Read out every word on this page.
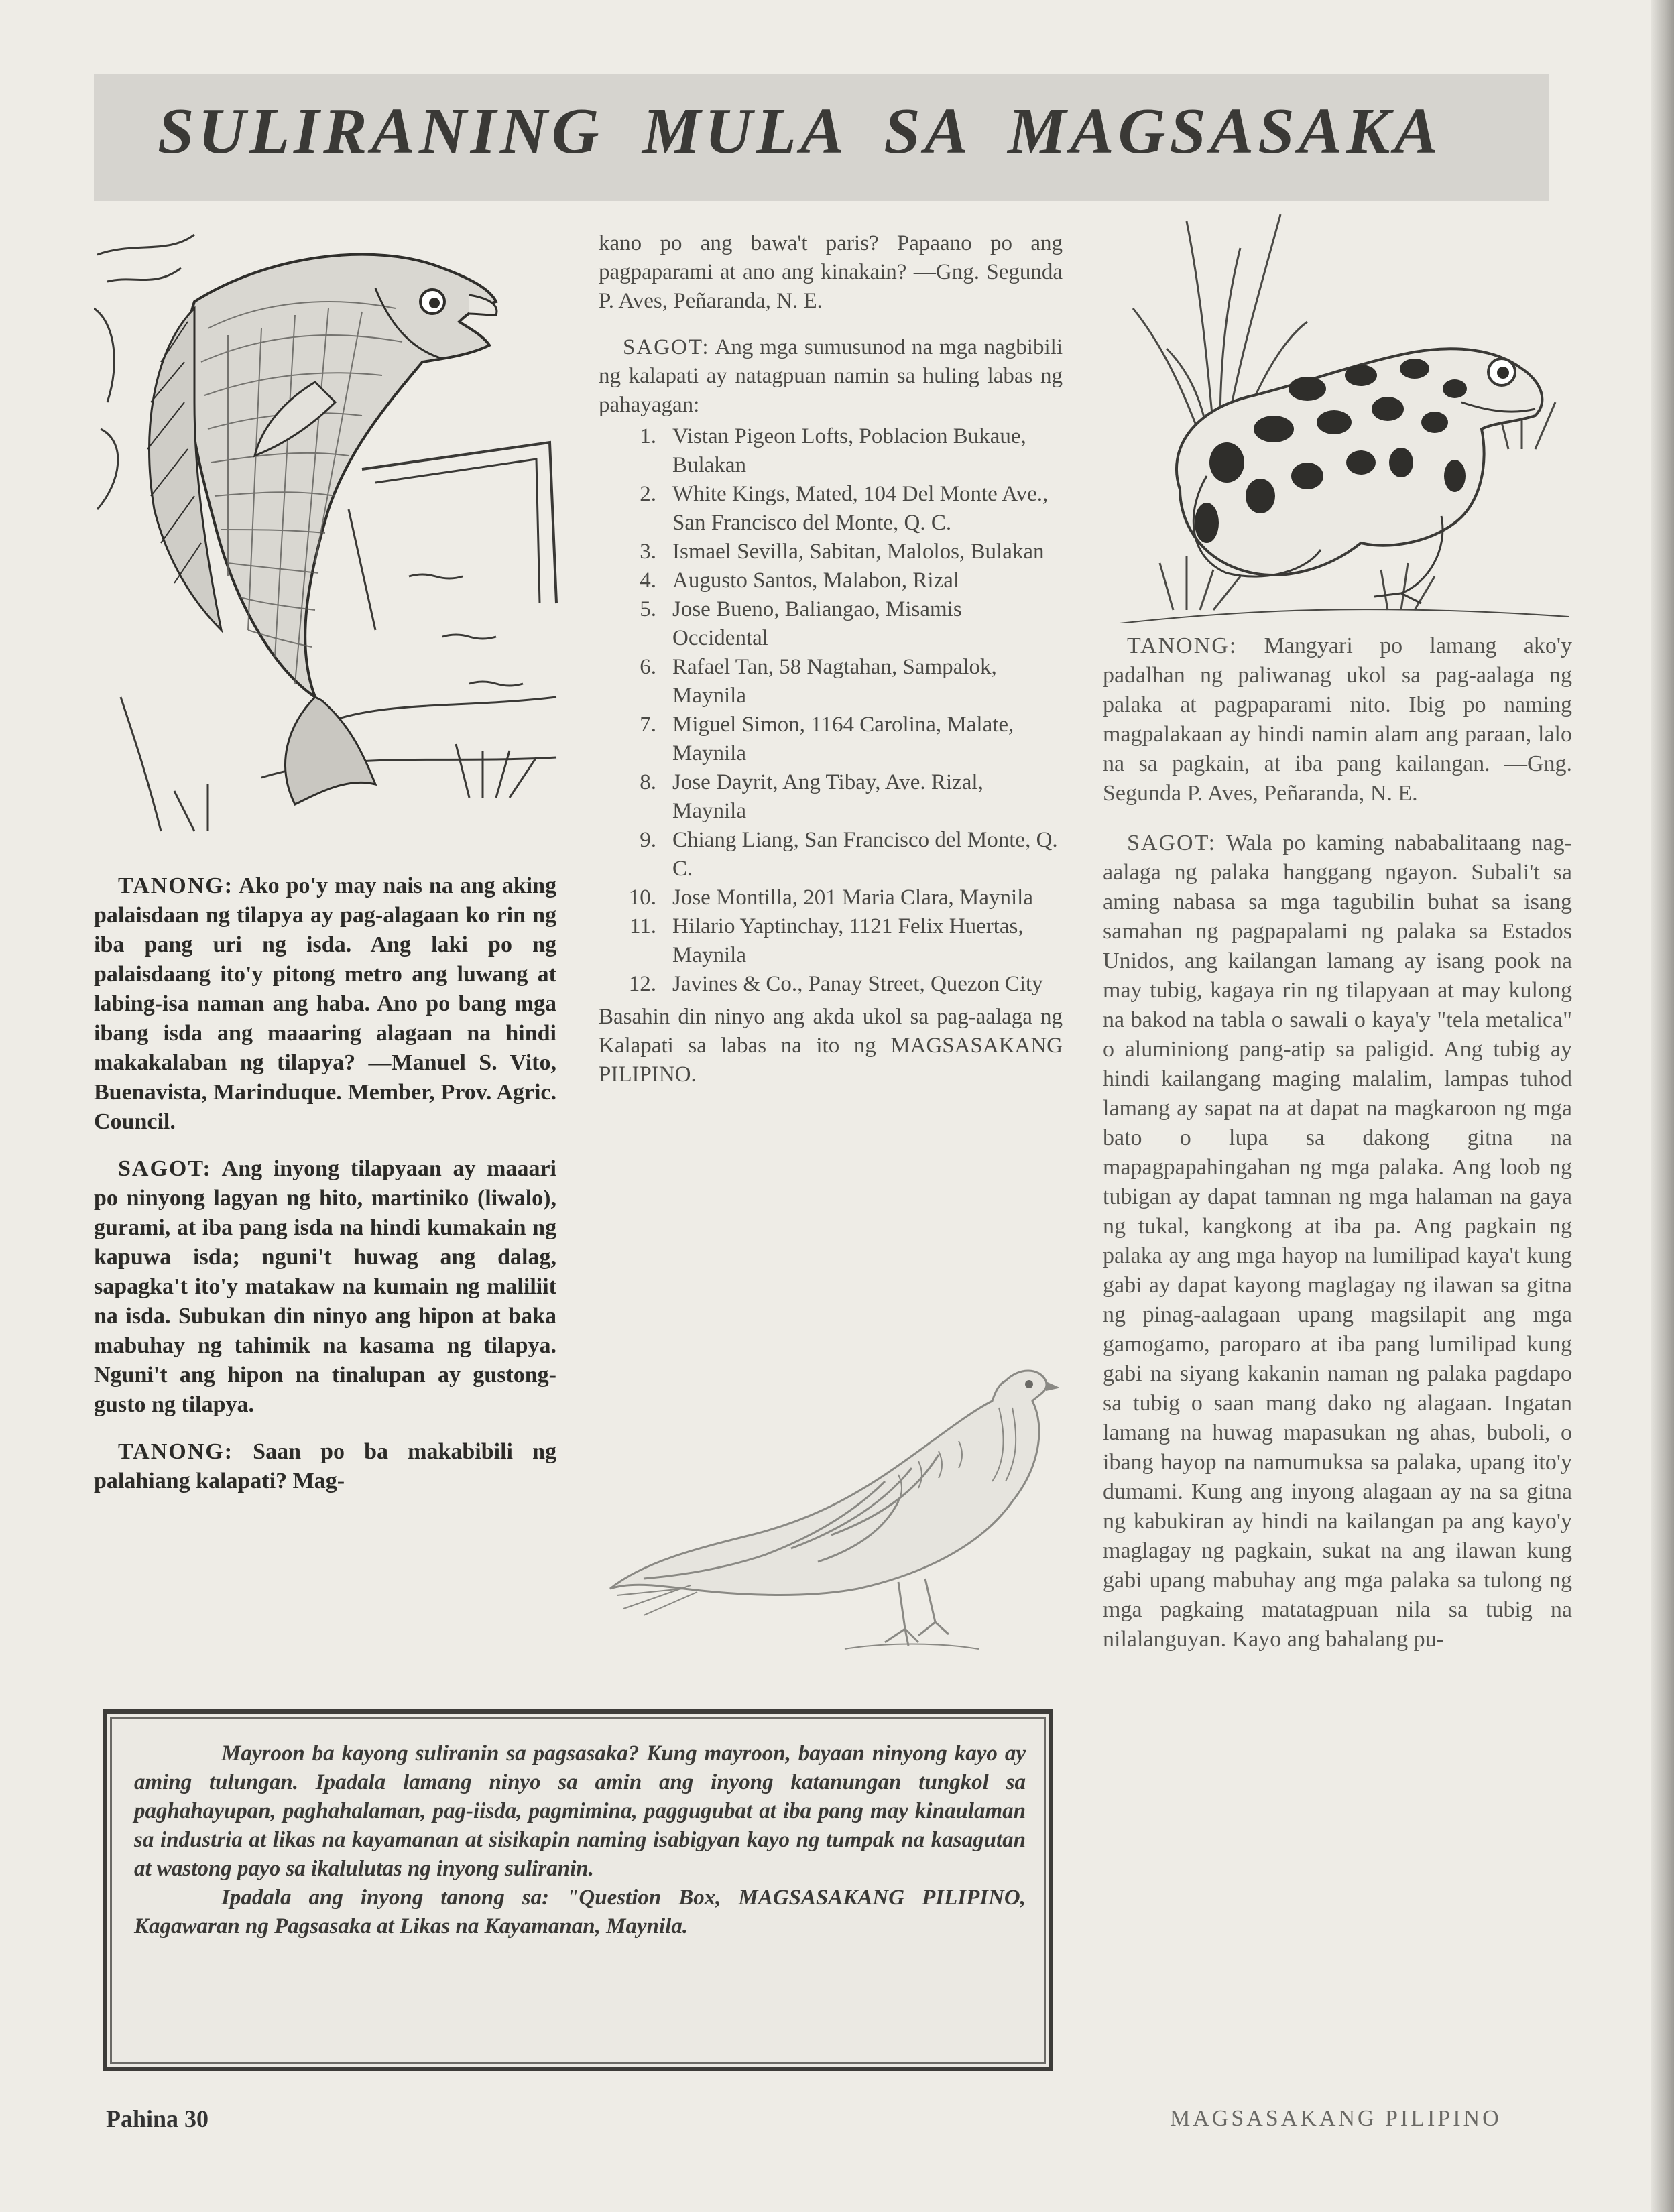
SULIRANING MULA SA MAGSASAKA

TANONG: Ako po'y may nais na ang aking palaisdaan ng tilapya ay pag-alagaan ko rin ng iba pang uri ng isda. Ang laki po ng palaisdaang ito'y pitong metro ang luwang at labing-isa naman ang haba. Ano po bang mga ibang isda ang maaaring alagaan na hindi makakalaban ng tilapya? —Manuel S. Vito, Buenavista, Marinduque. Member, Prov. Agric. Council.

SAGOT: Ang inyong tilapyaan ay maaari po ninyong lagyan ng hito, martiniko (liwalo), gurami, at iba pang isda na hindi kumakain ng kapuwa isda; nguni't huwag ang dalag, sapagka't ito'y matakaw na kumain ng maliliit na isda. Subukan din ninyo ang hipon at baka mabuhay ng tahimik na kasama ng tilapya. Nguni't ang hipon na tinalupan ay gustong-gusto ng tilapya.

TANONG: Saan po ba makabibili ng palahiang kalapati? Mag-

kano po ang bawa't paris? Papaano po ang pagpaparami at ano ang kinakain? —Gng. Segunda P. Aves, Peñaranda, N. E.

SAGOT: Ang mga sumusunod na mga nagbibili ng kalapati ay natagpuan namin sa huling labas ng pahayagan:

1. Vistan Pigeon Lofts, Poblacion Bukaue, Bulakan
2. White Kings, Mated, 104 Del Monte Ave., San Francisco del Monte, Q. C.
3. Ismael Sevilla, Sabitan, Malolos, Bulakan
4. Augusto Santos, Malabon, Rizal
5. Jose Bueno, Baliangao, Misamis Occidental
6. Rafael Tan, 58 Nagtahan, Sampalok, Maynila
7. Miguel Simon, 1164 Carolina, Malate, Maynila
8. Jose Dayrit, Ang Tibay, Ave. Rizal, Maynila
9. Chiang Liang, San Francisco del Monte, Q. C.
10. Jose Montilla, 201 Maria Clara, Maynila
11. Hilario Yaptinchay, 1121 Felix Huertas, Maynila
12. Javines & Co., Panay Street, Quezon City

Basahin din ninyo ang akda ukol sa pag-aalaga ng Kalapati sa labas na ito ng MAGSASAKANG PILIPINO.

TANONG: Mangyari po lamang ako'y padalhan ng paliwanag ukol sa pag-aalaga ng palaka at pagpaparami nito. Ibig po naming magpalakaan ay hindi namin alam ang paraan, lalo na sa pagkain, at iba pang kailangan. —Gng. Segunda P. Aves, Peñaranda, N. E.

SAGOT: Wala po kaming nababalitaang nag-aalaga ng palaka hanggang ngayon. Subali't sa aming nabasa sa mga tagubilin buhat sa isang samahan ng pagpapalami ng palaka sa Estados Unidos, ang kailangan lamang ay isang pook na may tubig, kagaya rin ng tilapyaan at may kulong na bakod na tabla o sawali o kaya'y "tela metalica" o aluminiong pang-atip sa paligid. Ang tubig ay hindi kailangang maging malalim, lampas tuhod lamang ay sapat na at dapat na magkaroon ng mga bato o lupa sa dakong gitna na mapagpapahingahan ng mga palaka. Ang loob ng tubigan ay dapat tamnan ng mga halaman na gaya ng tukal, kangkong at iba pa. Ang pagkain ng palaka ay ang mga hayop na lumilipad kaya't kung gabi ay dapat kayong maglagay ng ilawan sa gitna ng pinag-aalagaan upang magsilapit ang mga gamogamo, paroparo at iba pang lumilipad kung gabi na siyang kakanin naman ng palaka pagdapo sa tubig o saan mang dako ng alagaan. Ingatan lamang na huwag mapasukan ng ahas, buboli, o ibang hayop na namumuksa sa palaka, upang ito'y dumami. Kung ang inyong alagaan ay na sa gitna ng kabukiran ay hindi na kailangan pa ang kayo'y maglagay ng pagkain, sukat na ang ilawan kung gabi upang mabuhay ang mga palaka sa tulong ng mga pagkaing matatagpuan nila sa tubig na nilalanguyan. Kayo ang bahalang pu-

Mayroon ba kayong suliranin sa pagsasaka? Kung mayroon, bayaan ninyong kayo ay aming tulungan. Ipadala lamang ninyo sa amin ang inyong katanungan tungkol sa paghahayupan, paghahalaman, pag-iisda, pagmimina, paggugubat at iba pang may kinaulaman sa industria at likas na kayamanan at sisikapin naming isabigyan kayo ng tumpak na kasagutan at wastong payo sa ikalulutas ng inyong suliranin.

Ipadala ang inyong tanong sa: "Question Box, MAGSASAKANG PILIPINO, Kagawaran ng Pagsasaka at Likas na Kayamanan, Maynila.

Pahina 30	MAGSASAKANG PILIPINO
